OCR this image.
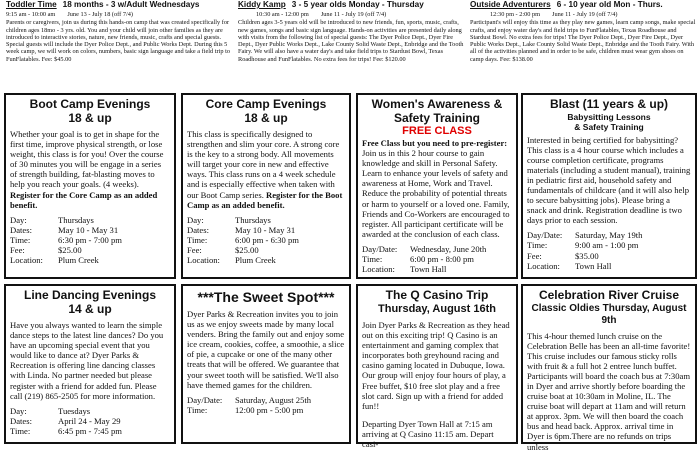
Toddler Time 18 months - 3 w/Adult Wednesdays
9:15 am - 10:00 am June 13 - July 18 (off 7/4)
Parents or caregivers, join us during this hands-on camp that was created specifically for children ages 18mo - 3 yrs. old. You and your child will join other families as they are introduced to interactive stories, nature, new friends, music, crafts and special guests. Special guests will include the Dyer Police Dept., and Public Works Dept. During this 5 week camp, we will work on colors, numbers, basic sign language and take a field trip to FunFlatables. Fee: $45.00
Kiddy Kamp 3 - 5 year olds Monday - Thursday
10:30 am - 12:00 pm June 11 - July 19 (off 7/4)
Children ages 3-5 years old will be introduced to new friends, fun, sports, music, crafts, new games, songs and basic sign language. Hands-on activities are presented daily along with visits from the following list of special guests: The Dyer Police Dept., Dyer Fire Dept., Dyer Public Works Dept., Lake County Solid Waste Dept., Enbridge and the Tooth Fairy. We will also have a water day's and take field trips to Stardust Bowl, Texas Roadhouse and FunFlatables. No extra fees for trips! Fee: $120.00
Outside Adventurers 6 - 10 year old Mon - Thurs.
12:30 pm - 2:00 pm June 11 - July 19 (off 7/4)
Participant's will enjoy this time as they play new games, learn camp songs, make special crafts, and enjoy water day's and field trips to FunFlatables, Texas Roadhouse and Stardust Bowl. No extra fees for trips! The Dyer Police Dept., Dyer Fire Dept., Dyer Public Works Dept., Lake County Solid Waste Dept., Enbridge and the Tooth Fairy. With all of the activities planned and in order to be safe, children must wear gym shoes on camp days. Fee: $138.00
Boot Camp Evenings
18 & up
Whether your goal is to get in shape for the first time, improve physical strength, or lose weight, this class is for you! Over the course of 30 minutes you will be engage in a series of strength building, fat-blasting moves to help you reach your goals. (4 weeks). Register for the Core Camp as an added benefit.
Day:	Thursdays
Dates:	May 10 - May 31
Time:	6:30 pm - 7:00 pm
Fee:	$25.00
Location:	Plum Creek
Core Camp Evenings
18 & up
This class is specifically designed to strengthen and slim your core. A strong core is the key to a strong body. All movements will target your core in new and effective ways. This class runs on a 4 week schedule and is especially effective when taken with our Boot Camp series. Register for the Boot Camp as an added benefit.
Day:	Thursdays
Dates:	May 10 - May 31
Time:	6:00 pm - 6:30 pm
Fee:	$25.00
Location:	Plum Creek
Women's Awareness & Safety Training
FREE CLASS
Free Class but you need to pre-register: Join us in this 2 hour course to gain knowledge and skill in Personal Safety. Learn to enhance your levels of safety and awareness at Home, Work and Travel. Reduce the probability of potential threats or harm to yourself or a loved one. Family, Friends and Co-Workers are encouraged to register. All participant certificate will be awarded at the conclusion of each class.
Day/Date:	Wednesday, June 20th
Time:	6:00 pm - 8:00 pm
Location:	Town Hall
Blast (11 years & up)
Babysitting Lessons
& Safety Training
Interested in being certified for babysitting? This class is a 4 hour course which includes a course completion certificate, programs materials (including a student manual), training in pediatric first aid, household safety and fundamentals of childcare (and it will also help to secure babysitting jobs). Please bring a snack and drink. Registration deadline is two days prior to each session.
Day/Date:	Saturday, May 19th
Time:	9:00 am - 1:00 pm
Fee:	$35.00
Location:	Town Hall
Line Dancing Evenings
14 & up
Have you always wanted to learn the simple dance steps to the latest line dances? Do you have an upcoming special event that you would like to dance at? Dyer Parks & Recreation is offering line dancing classes with Linda. No partner needed but please register with a friend for added fun. Please call (219) 865-2505 for more information.
Day:	Tuesdays
Dates:	April 24 - May 29
Time:	6:45 pm - 7:45 pm
***The Sweet Spot***
Dyer Parks & Recreation invites you to join us as we enjoy sweets made by many local venders. Bring the family out and enjoy some ice cream, cookies, coffee, a smoothie, a slice of pie, a cupcake or one of the many other treats that will be offered. We guarantee that your sweet tooth will be satisfied. We'll also have themed games for the children.
Day/Date:	Saturday, August 25th
Time:	12:00 pm - 5:00 pm
The Q Casino Trip
Thursday, August 16th
Join Dyer Parks & Recreation as they head out on this exciting trip! Q Casino is an entertainment and gaming complex that incorporates both greyhound racing and casino gaming located in Dubuque, Iowa. Our group will enjoy four hours of play, a Free buffet, $10 free slot play and a free slot card. Sign up with a friend for added fun!!
Departing Dyer Town Hall at 7:15 am arriving at Q Casino 11:15 am. Depart casi-
Celebration River Cruise
Classic Oldies Thursday, August 9th
This 4-hour themed lunch cruise on the Celebration Belle has been an all-time favorite! This cruise includes our famous sticky rolls with fruit & a full hot 2 entree lunch buffet. Participants will board the coach bus at 7:30am in Dyer and arrive shortly before boarding the cruise boat at 10:30am in Moline, IL. The cruise boat will depart at 11am and will return at approx. 3pm. We will then board the coach bus and head back. Approx. arrival time in Dyer is 6pm.There are no refunds on trips unless
